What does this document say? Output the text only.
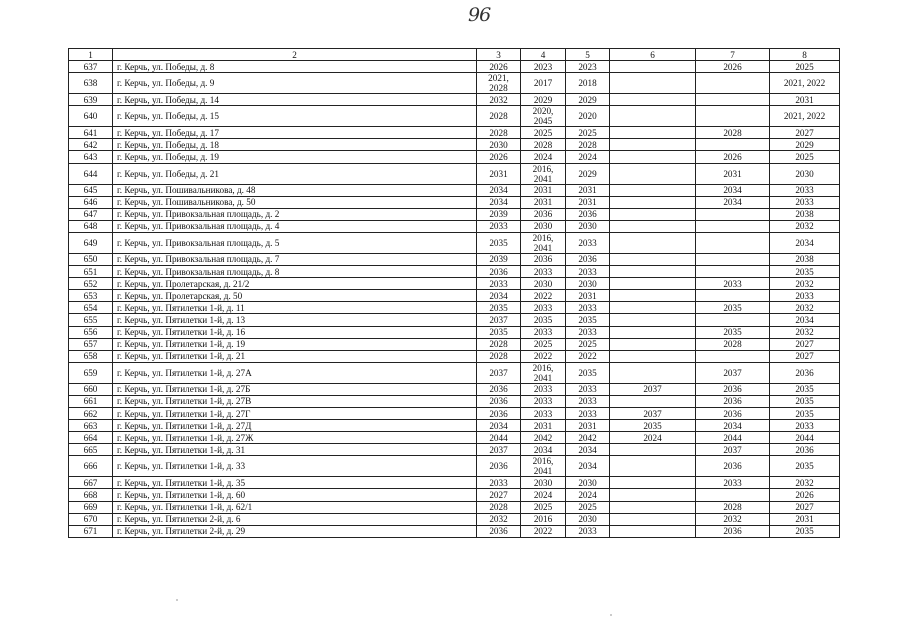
96
1	2	3	4	5	6	7	8
637	г. Керчь, ул. Победы, д. 8	2026	2023	2023		2026	2025
638	г. Керчь, ул. Победы, д. 9	2021,
2028	2017	2018			2021, 2022
639	г. Керчь, ул. Победы, д. 14	2032	2029	2029			2031
640	г. Керчь, ул. Победы, д. 15	2028	2020,
2045	2020			2021, 2022
641	г. Керчь, ул. Победы, д. 17	2028	2025	2025		2028	2027
642	г. Керчь, ул. Победы, д. 18	2030	2028	2028			2029
643	г. Керчь, ул. Победы, д. 19	2026	2024	2024		2026	2025
644	г. Керчь, ул. Победы, д. 21	2031	2016,
2041	2029		2031	2030
645	г. Керчь, ул. Пошивальникова, д. 48	2034	2031	2031		2034	2033
646	г. Керчь, ул. Пошивальникова, д. 50	2034	2031	2031		2034	2033
647	г. Керчь, ул. Привокзальная площадь, д. 2	2039	2036	2036			2038
648	г. Керчь, ул. Привокзальная площадь, д. 4	2033	2030	2030			2032
649	г. Керчь, ул. Привокзальная площадь, д. 5	2035	2016,
2041	2033			2034
650	г. Керчь, ул. Привокзальная площадь, д. 7	2039	2036	2036			2038
651	г. Керчь, ул. Привокзальная площадь, д. 8	2036	2033	2033			2035
652	г. Керчь, ул. Пролетарская, д. 21/2	2033	2030	2030		2033	2032
653	г. Керчь, ул. Пролетарская, д. 50	2034	2022	2031			2033
654	г. Керчь, ул. Пятилетки 1-й, д. 11	2035	2033	2033		2035	2032
655	г. Керчь, ул. Пятилетки 1-й, д. 13	2037	2035	2035			2034
656	г. Керчь, ул. Пятилетки 1-й, д. 16	2035	2033	2033		2035	2032
657	г. Керчь, ул. Пятилетки 1-й, д. 19	2028	2025	2025		2028	2027
658	г. Керчь, ул. Пятилетки 1-й, д. 21	2028	2022	2022			2027
659	г. Керчь, ул. Пятилетки 1-й, д. 27А	2037	2016,
2041	2035		2037	2036
660	г. Керчь, ул. Пятилетки 1-й, д. 27Б	2036	2033	2033	2037	2036	2035
661	г. Керчь, ул. Пятилетки 1-й, д. 27В	2036	2033	2033		2036	2035
662	г. Керчь, ул. Пятилетки 1-й, д. 27Г	2036	2033	2033	2037	2036	2035
663	г. Керчь, ул. Пятилетки 1-й, д. 27Д	2034	2031	2031	2035	2034	2033
664	г. Керчь, ул. Пятилетки 1-й, д. 27Ж	2044	2042	2042	2024	2044	2044
665	г. Керчь, ул. Пятилетки 1-й, д. 31	2037	2034	2034		2037	2036
666	г. Керчь, ул. Пятилетки 1-й, д. 33	2036	2016,
2041	2034		2036	2035
667	г. Керчь, ул. Пятилетки 1-й, д. 35	2033	2030	2030		2033	2032
668	г. Керчь, ул. Пятилетки 1-й, д. 60	2027	2024	2024			2026
669	г. Керчь, ул. Пятилетки 1-й, д. 62/1	2028	2025	2025		2028	2027
670	г. Керчь, ул. Пятилетки 2-й, д. 6	2032	2016	2030		2032	2031
671	г. Керчь, ул. Пятилетки 2-й, д. 29	2036	2022	2033		2036	2035
